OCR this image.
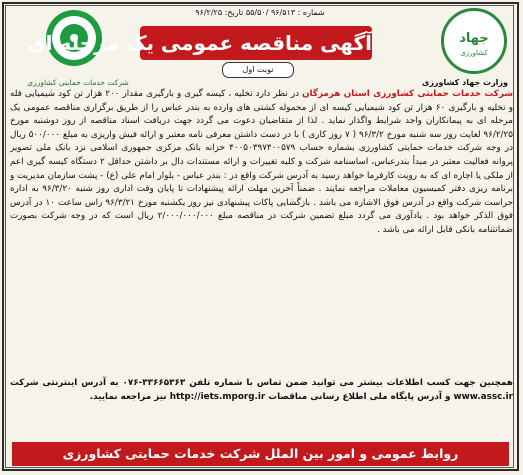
شماره : ۹۶/۵۱۳ /۵۵/۵۰ تاریخ: ۹۶/۲/۲۵
شرکت خدمات حمایتی کشاورزی
آگهی مناقصه عمومی یک مرحله ای
نوبت اول
جهاد
کشاورزی
وزارت جهاد کشاورزی

شرکت خدمات حمایتی کشاورزی استان هرمزگان در نظر دارد تخلیه ، کیسه گیری و بارگیری مقدار ۲۰۰ هزار تن کود شیمیایی فله و تخلیه و بارگیری ۶۰ هزار تن کود شیمیایی کیسه ای از محموله کشتی های وارده به بندر عباس را از طریق برگزاری مناقصه عمومی یک مرحله ای به پیمانکاران واجد شرایط واگذار نماید . لذا از متقاضیان دعوت می گردد جهت دریافت اسناد مناقصه از روز دوشنبه مورخ ۹۶/۲/۲۵ لغایت روز سه شنبه مورخ ۹۶/۳/۲ ( ۷ روز کاری ) با در دست داشتن معرفی نامه معتبر و ارائه فیش واریزی به مبلغ ۵۰۰/۰۰۰ ریال در وجه شرکت خدمات حمایتی کشاورزی بشماره حساب ۴۰۰۵۰۳۹۷۴۰۰۵۷۹ خزانه بانک مرکزی جمهوری اسلامی نزد بانک ملی تصویر پروانه فعالیت معتبر در مبدأ بندرعباس، اساسنامه شرکت و کلیه تغییرات و ارائه مستندات دال بر داشتن حداقل ۲ دستگاه کیسه گیری اعم از ملکی یا اجاره ای که به رویت کارفرما خواهد رسید به آدرس شرکت واقع در : بندر عباس - بلوار امام علی (ع) - پشت سازمان مدیریت و برنامه ریزی دفتر کمیسیون معاملات مراجعه نمایند . ضمناً آخرین مهلت ارائه پیشنهادات تا پایان وقت اداری روز شنبه ۹۶/۳/۲۰ به اداره حراست شرکت واقع در آدرس فوق الاشاره می باشد . بازگشایی پاکات پیشنهادی نیز روز یکشنبه مورخ ۹۶/۳/۲۱ راس ساعت ۱۰ در آدرس فوق الذکر خواهد بود . یادآوری می گردد مبلغ تضمین شرکت در مناقصه مبلغ ۲/۰۰۰/۰۰۰/۰۰۰ ریال است که در وجه شرکت بصورت ضمانتنامه بانکی قابل ارائه می باشد .

همچنین جهت کسب اطلاعات بیشتر می توانید ضمن تماس با شماره تلفن ۳۳۶۶۵۳۶۳-۰۷۶ به آدرس اینترنتی شرکت www.assc.ir و آدرس پایگاه ملی اطلاع رسانی مناقصات http://iets.mporg.ir نیز مراجعه نمایید.
روابط عمومی و امور بین الملل شرکت خدمات حمایتی کشاورزی
